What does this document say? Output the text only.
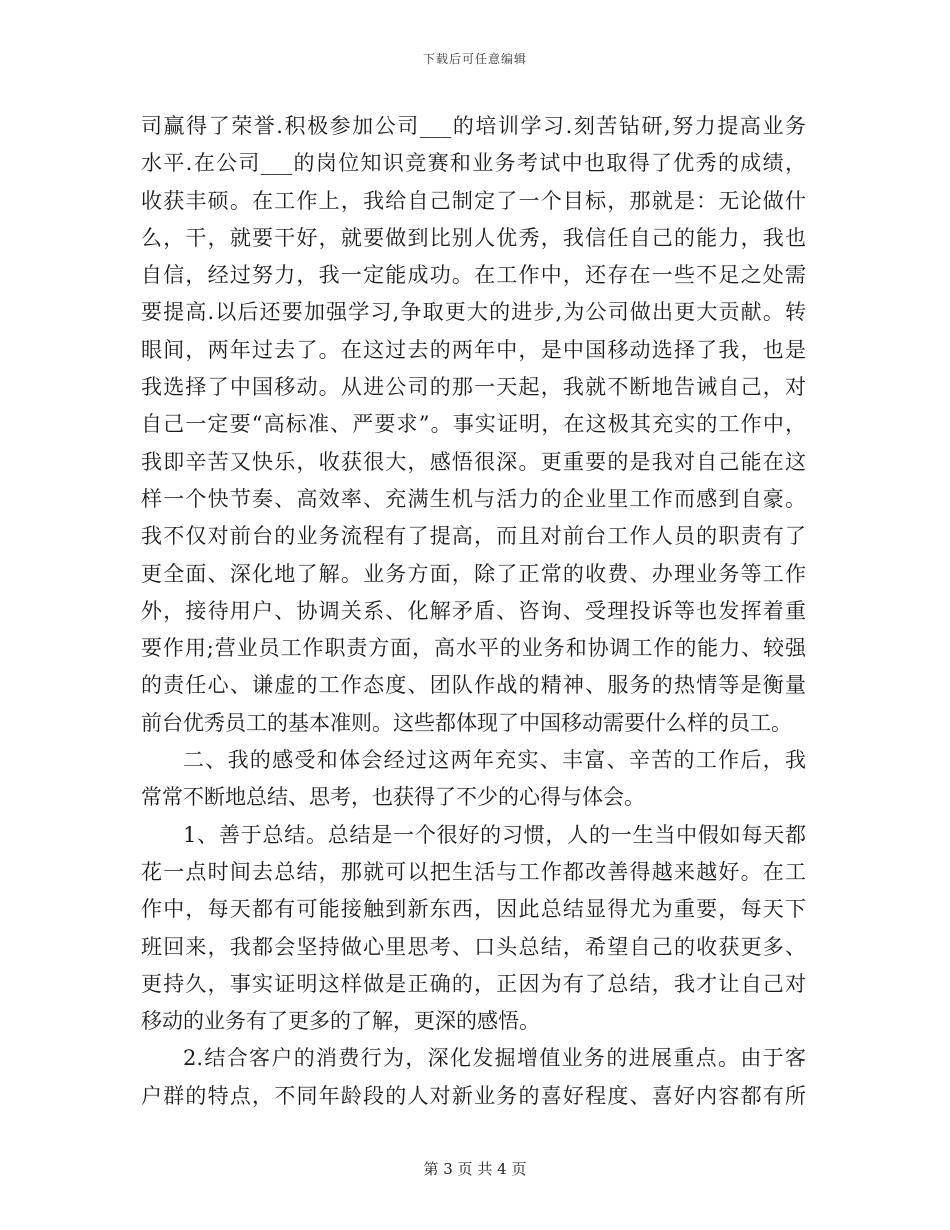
下载后可任意编辑
司赢得了荣誉.积极参加公司___的培训学习.刻苦钻研,努力提高业务
水平.在公司___的岗位知识竞赛和业务考试中也取得了优秀的成绩，
收获丰硕。在工作上，我给自己制定了一个目标，那就是：无论做什
么，干，就要干好，就要做到比别人优秀，我信任自己的能力，我也
自信，经过努力，我一定能成功。在工作中，还存在一些不足之处需
要提高.以后还要加强学习,争取更大的进步,为公司做出更大贡献。转
眼间，两年过去了。在这过去的两年中，是中国移动选择了我，也是
我选择了中国移动。从进公司的那一天起，我就不断地告诫自己，对
自己一定要“高标准、严要求”。事实证明，在这极其充实的工作中，
我即辛苦又快乐，收获很大，感悟很深。更重要的是我对自己能在这
样一个快节奏、高效率、充满生机与活力的企业里工作而感到自豪。
我不仅对前台的业务流程有了提高，而且对前台工作人员的职责有了
更全面、深化地了解。业务方面，除了正常的收费、办理业务等工作
外，接待用户、协调关系、化解矛盾、咨询、受理投诉等也发挥着重
要作用;营业员工作职责方面，高水平的业务和协调工作的能力、较强
的责任心、谦虚的工作态度、团队作战的精神、服务的热情等是衡量
前台优秀员工的基本准则。这些都体现了中国移动需要什么样的员工。
二、我的感受和体会经过这两年充实、丰富、辛苦的工作后，我
常常不断地总结、思考，也获得了不少的心得与体会。
1、善于总结。总结是一个很好的习惯，人的一生当中假如每天都
花一点时间去总结，那就可以把生活与工作都改善得越来越好。在工
作中，每天都有可能接触到新东西，因此总结显得尤为重要，每天下
班回来，我都会坚持做心里思考、口头总结，希望自己的收获更多、
更持久，事实证明这样做是正确的，正因为有了总结，我才让自己对
移动的业务有了更多的了解，更深的感悟。
2.结合客户的消费行为，深化发掘增值业务的进展重点。由于客
户群的特点，不同年龄段的人对新业务的喜好程度、喜好内容都有所
第 3 页 共 4 页
